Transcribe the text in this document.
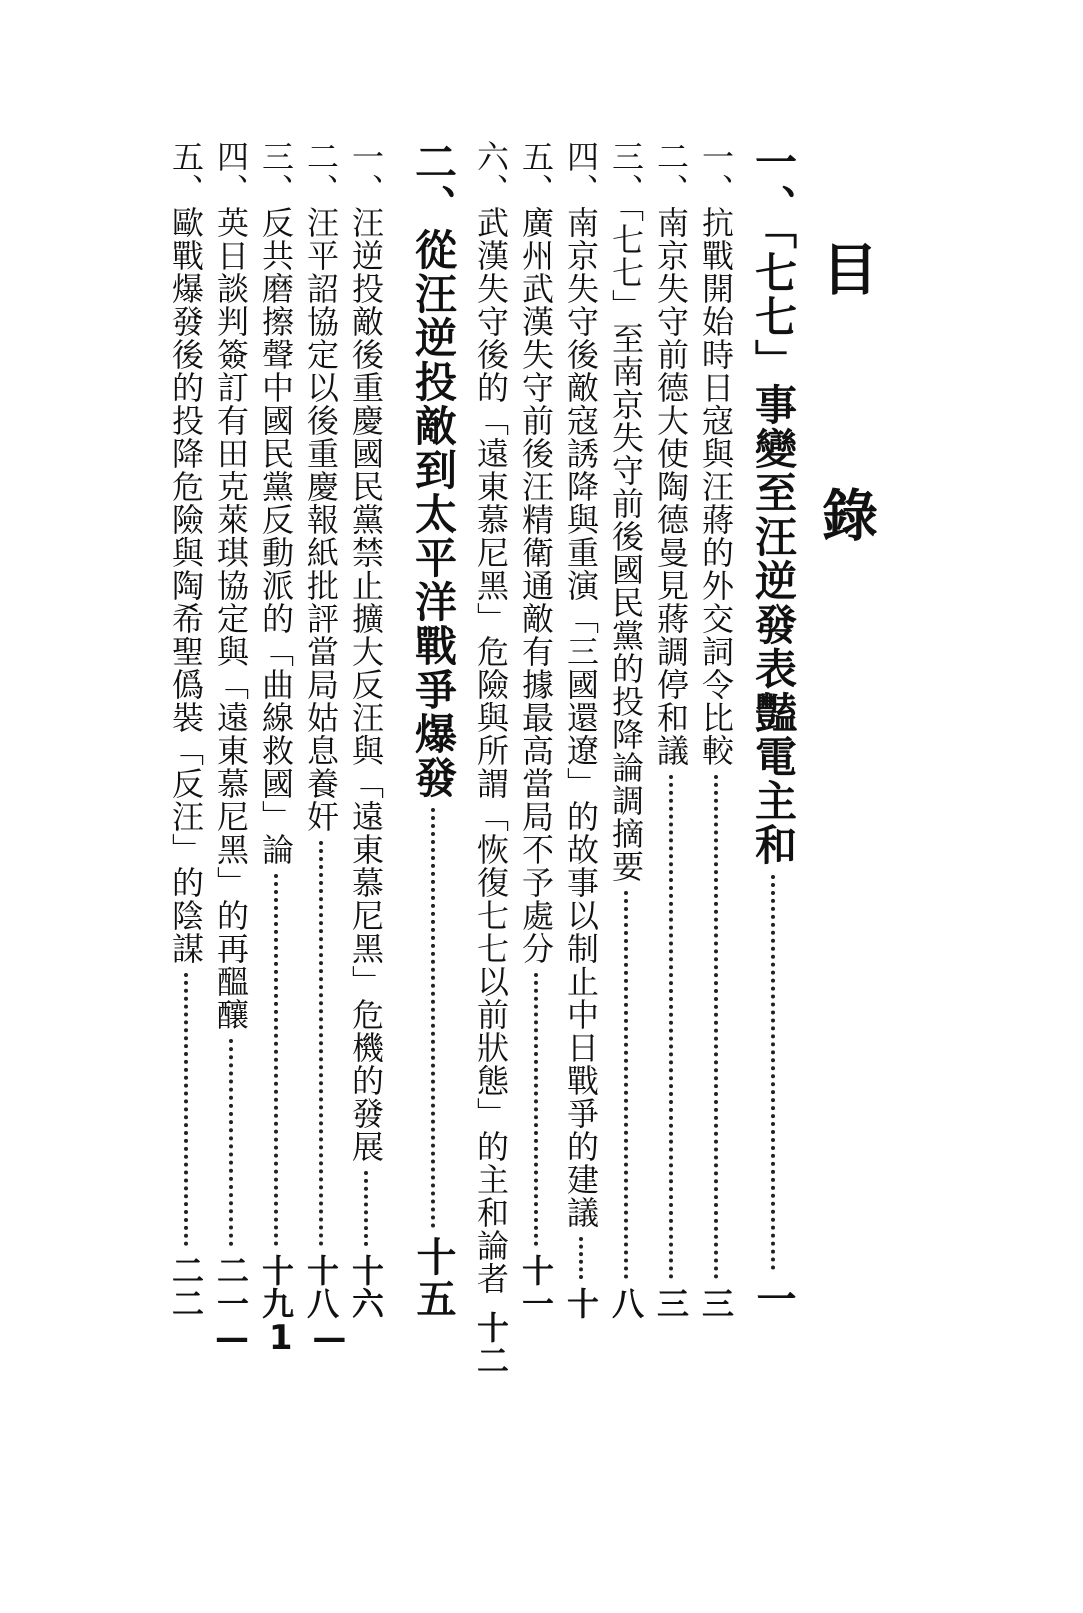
目 錄
一、「七七」事變至汪逆發表豔電主和
一
一、抗戰開始時日寇與汪蔣的外交詞令比較
三
二、南京失守前德大使陶德曼見蔣調停和議
三
三、「七七」至南京失守前後國民黨的投降論調摘要
八
四、南京失守後敵寇誘降與重演「三國還遼」的故事以制止中日戰爭的建議
十
五、廣州武漢失守前後汪精衛通敵有據最高當局不予處分
十一
六、武漢失守後的「遠東慕尼黑」危險與所謂「恢復七七以前狀態」的主和論者
十二
二、從汪逆投敵到太平洋戰爭爆發
十五
一、汪逆投敵後重慶國民黨禁止擴大反汪與「遠東慕尼黑」危機的發展
十六
二、汪平詔協定以後重慶報紙批評當局姑息養奸
十八
三、反共磨擦聲中國民黨反動派的「曲線救國」論
十九
四、英日談判簽訂有田克萊琪協定與「遠東慕尼黑」的再醞釀
二一
五、歐戰爆發後的投降危險與陶希聖僞裝「反汪」的陰謀
二二
— 1 —
